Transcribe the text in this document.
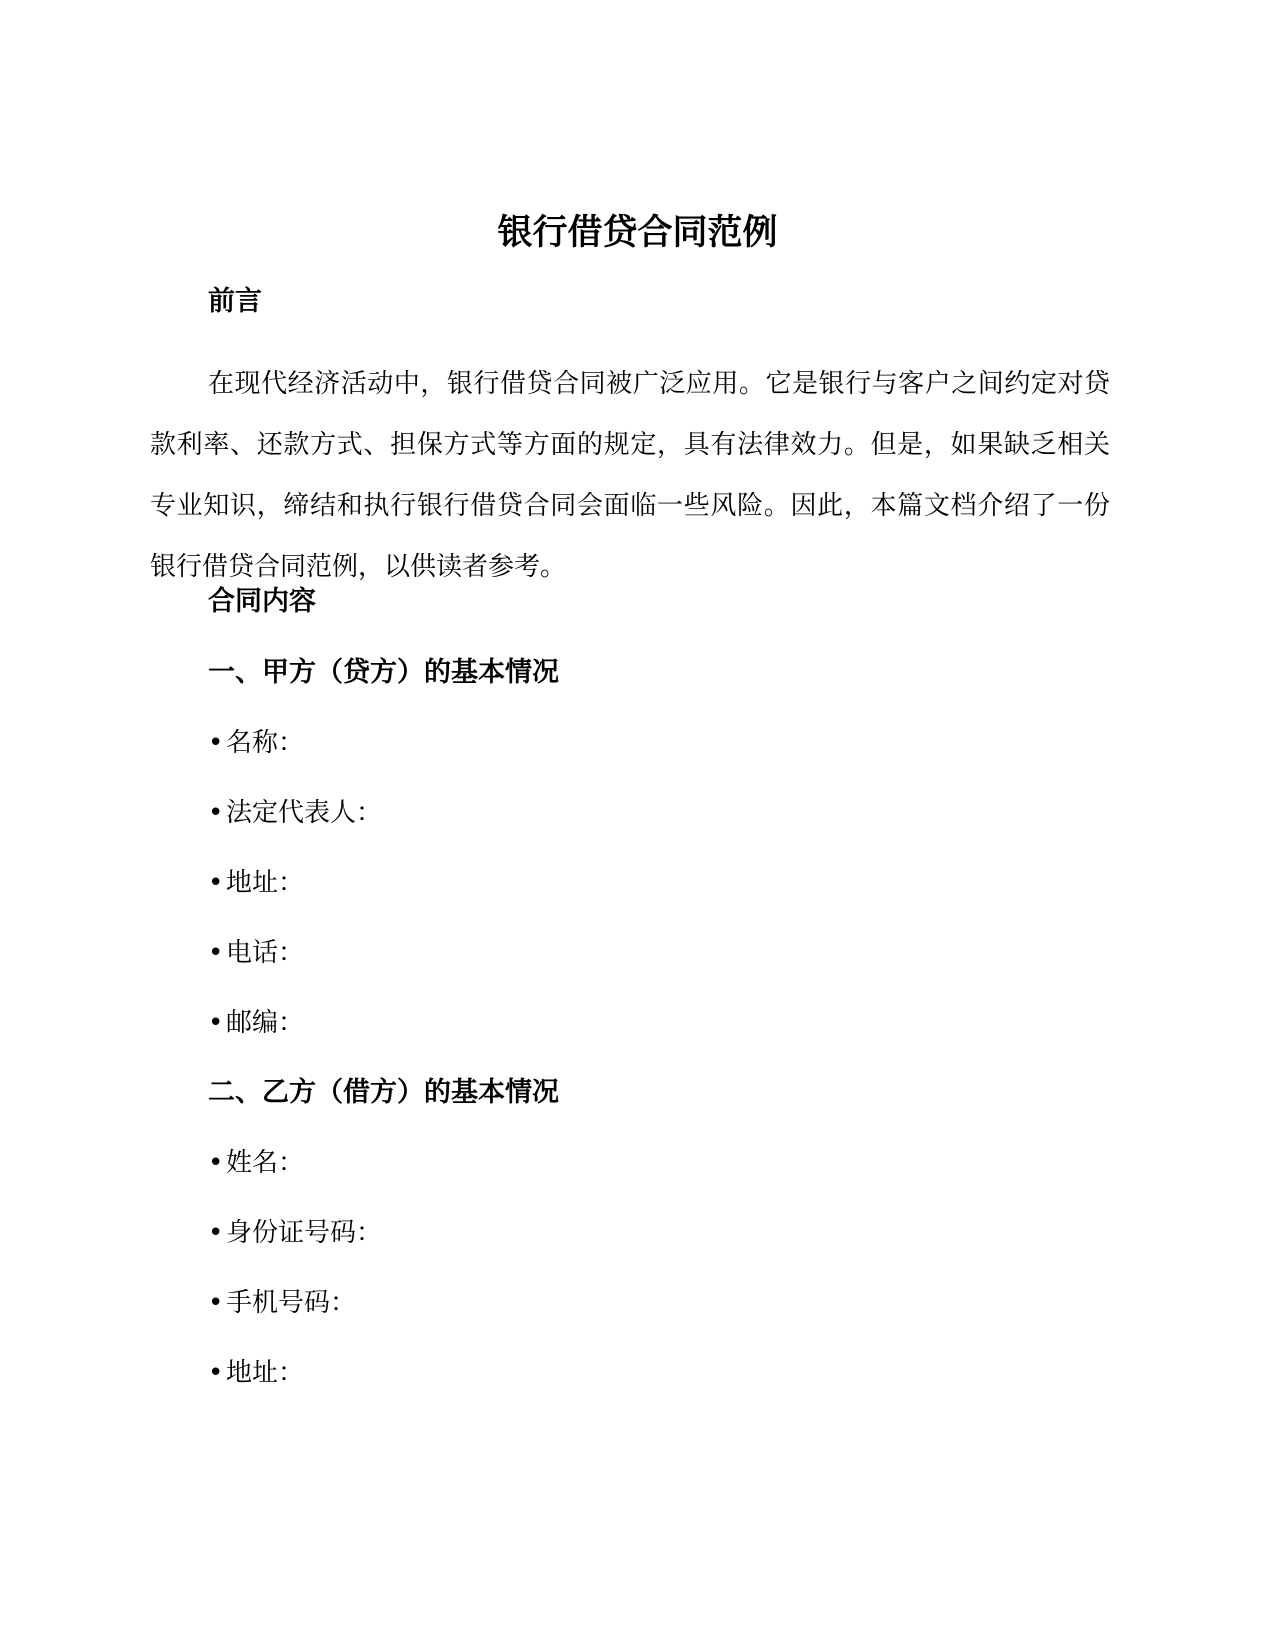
银行借贷合同范例
前言

在现代经济活动中，银行借贷合同被广泛应用。它是银行与客户之间约定对贷款利率、还款方式、担保方式等方面的规定，具有法律效力。但是，如果缺乏相关专业知识，缔结和执行银行借贷合同会面临一些风险。因此，本篇文档介绍了一份银行借贷合同范例，以供读者参考。

合同内容
一、甲方（贷方）的基本情况
• 名称：
• 法定代表人：
• 地址：
• 电话：
• 邮编：
二、乙方（借方）的基本情况
• 姓名：
• 身份证号码：
• 手机号码：
• 地址：
